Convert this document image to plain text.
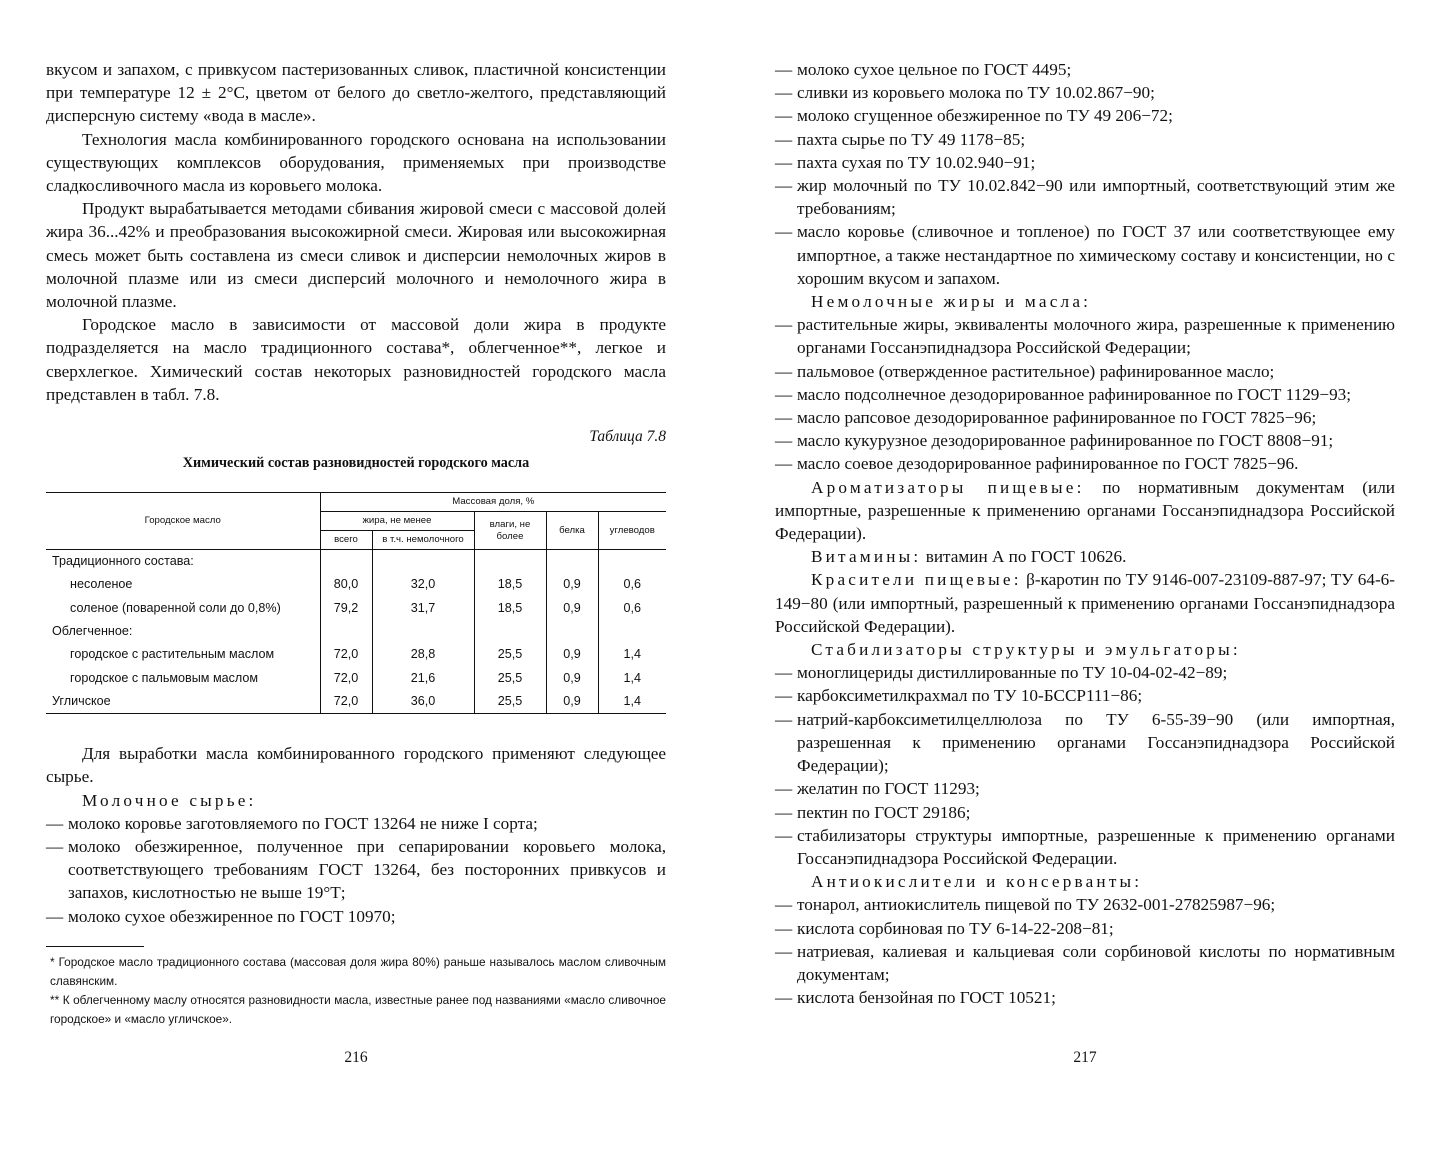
вкусом и запахом, с привкусом пастеризованных сливок, пластичной консистенции при температуре 12 ± 2°С, цветом от белого до светло-желтого, представляющий дисперсную систему «вода в масле».

Технология масла комбинированного городского основана на использовании существующих комплексов оборудования, применяемых при производстве сладкосливочного масла из коровьего молока.

Продукт вырабатывается методами сбивания жировой смеси с массовой долей жира 36...42% и преобразования высокожирной смеси. Жировая или высокожирная смесь может быть составлена из смеси сливок и дисперсии немолочных жиров в молочной плазме или из смеси дисперсий молочного и немолочного жира в молочной плазме.

Городское масло в зависимости от массовой доли жира в продукте подразделяется на масло традиционного состава*, облегченное**, легкое и сверхлегкое. Химический состав некоторых разновидностей городского масла представлен в табл. 7.8.

Таблица 7.8
Химический состав разновидностей городского масла
Городское масло	Массовая доля, %				
	жира, не менее		влаги, не более	белка	углеводов
	всего	в т.ч. немолочного			
Традиционного состава:					
несоленое	80,0	32,0	18,5	0,9	0,6
соленое (поваренной соли до 0,8%)	79,2	31,7	18,5	0,9	0,6
Облегченное:					
городское с растительным маслом	72,0	28,8	25,5	0,9	1,4
городское с пальмовым маслом	72,0	21,6	25,5	0,9	1,4
Угличское	72,0	36,0	25,5	0,9	1,4

Для выработки масла комбинированного городского применяют следующее сырье.

Молочное сырье:
— молоко коровье заготовляемого по ГОСТ 13264 не ниже I сорта;
— молоко обезжиренное, полученное при сепарировании коровьего молока, соответствующего требованиям ГОСТ 13264, без посторонних привкусов и запахов, кислотностью не выше 19°Т;
— молоко сухое обезжиренное по ГОСТ 10970;

* Городское масло традиционного состава (массовая доля жира 80%) раньше называлось маслом сливочным славянским.

** К облегченному маслу относятся разновидности масла, известные ранее под названиями «масло сливочное городское» и «масло угличское».

216
— молоко сухое цельное по ГОСТ 4495;
— сливки из коровьего молока по ТУ 10.02.867−90;
— молоко сгущенное обезжиренное по ТУ 49 206−72;
— пахта сырье по ТУ 49 1178−85;
— пахта сухая по ТУ 10.02.940−91;
— жир молочный по ТУ 10.02.842−90 или импортный, соответствующий этим же требованиям;
— масло коровье (сливочное и топленое) по ГОСТ 37 или соответствующее ему импортное, а также нестандартное по химическому составу и консистенции, но с хорошим вкусом и запахом.
Немолочные жиры и масла:
— растительные жиры, эквиваленты молочного жира, разрешенные к применению органами Госсанэпиднадзора Российской Федерации;
— пальмовое (отвержденное растительное) рафинированное масло;
— масло подсолнечное дезодорированное рафинированное по ГОСТ 1129−93;
— масло рапсовое дезодорированное рафинированное по ГОСТ 7825−96;
— масло кукурузное дезодорированное рафинированное по ГОСТ 8808−91;
— масло соевое дезодорированное рафинированное по ГОСТ 7825−96.

Ароматизаторы пищевые: по нормативным документам (или импортные, разрешенные к применению органами Госсанэпиднадзора Российской Федерации).

Витамины: витамин А по ГОСТ 10626.

Красители пищевые: β-каротин по ТУ 9146-007-23109-887-97; ТУ 64-6-149−80 (или импортный, разрешенный к применению органами Госсанэпиднадзора Российской Федерации).

Стабилизаторы структуры и эмульгаторы:
— моноглицериды дистиллированные по ТУ 10-04-02-42−89;
— карбоксиметилкрахмал по ТУ 10-БССР111−86;
— натрий-карбоксиметилцеллюлоза по ТУ 6-55-39−90 (или импортная, разрешенная к применению органами Госсанэпиднадзора Российской Федерации);
— желатин по ГОСТ 11293;
— пектин по ГОСТ 29186;
— стабилизаторы структуры импортные, разрешенные к применению органами Госсанэпиднадзора Российской Федерации.
Антиокислители и консерванты:
— тонарол, антиокислитель пищевой по ТУ 2632-001-27825987−96;
— кислота сорбиновая по ТУ 6-14-22-208−81;
— натриевая, калиевая и кальциевая соли сорбиновой кислоты по нормативным документам;
— кислота бензойная по ГОСТ 10521;
217
